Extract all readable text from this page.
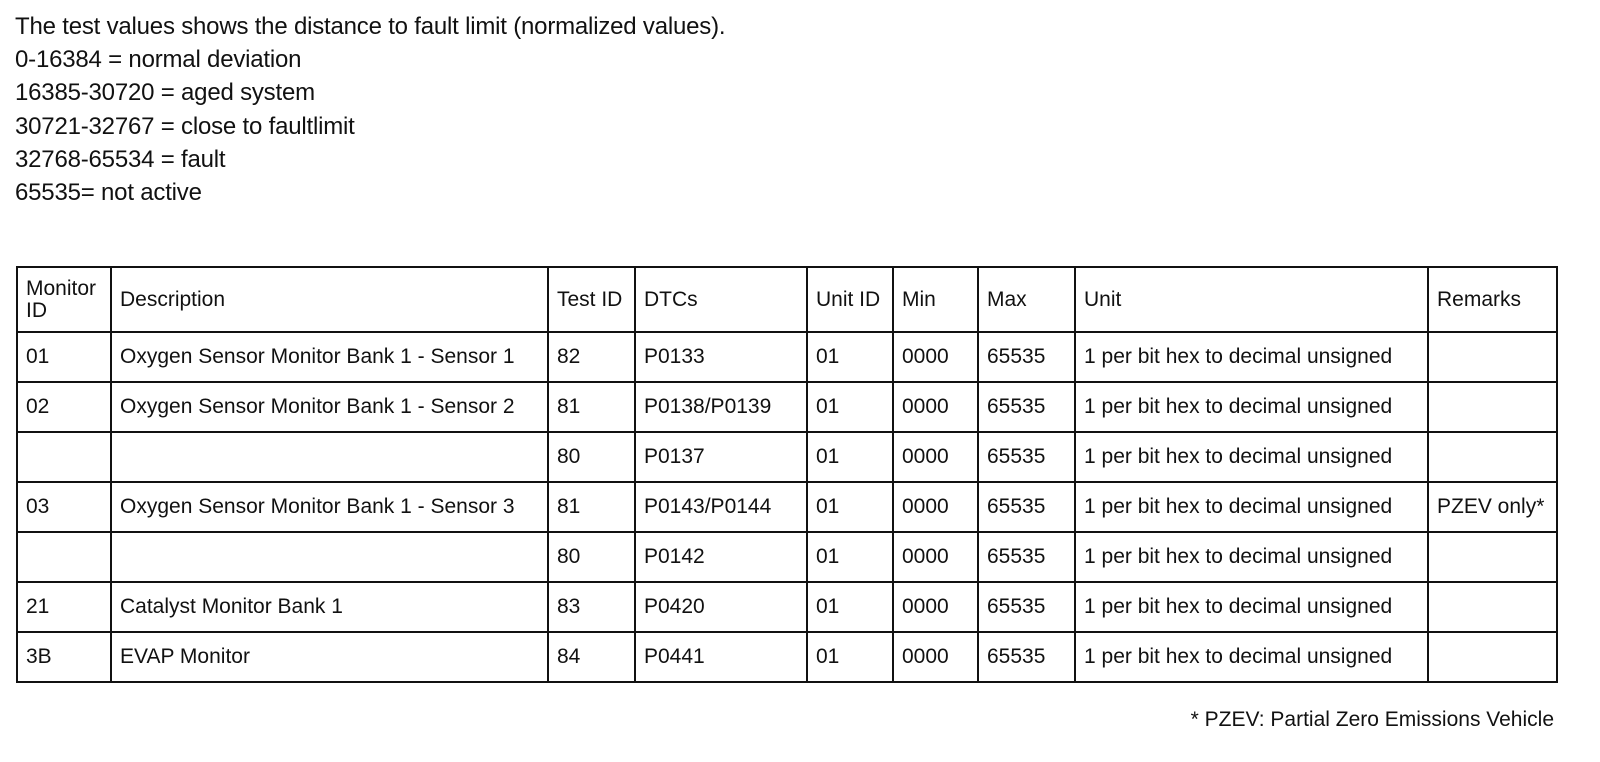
The test values shows the distance to fault limit (normalized values).

0-16384 = normal deviation

16385-30720 = aged system

30721-32767 = close to faultlimit

32768-65534 = fault

65535= not active

Monitor ID	Description	Test ID	DTCs	Unit ID	Min	Max	Unit	Remarks
01	Oxygen Sensor Monitor Bank 1 - Sensor 1	82	P0133	01	0000	65535	1 per bit hex to decimal unsigned	
02	Oxygen Sensor Monitor Bank 1 - Sensor 2	81	P0138/P0139	01	0000	65535	1 per bit hex to decimal unsigned	
		80	P0137	01	0000	65535	1 per bit hex to decimal unsigned	
03	Oxygen Sensor Monitor Bank 1 - Sensor 3	81	P0143/P0144	01	0000	65535	1 per bit hex to decimal unsigned	PZEV only*
		80	P0142	01	0000	65535	1 per bit hex to decimal unsigned	
21	Catalyst Monitor Bank 1	83	P0420	01	0000	65535	1 per bit hex to decimal unsigned	
3B	EVAP Monitor	84	P0441	01	0000	65535	1 per bit hex to decimal unsigned	
* PZEV: Partial Zero Emissions Vehicle
